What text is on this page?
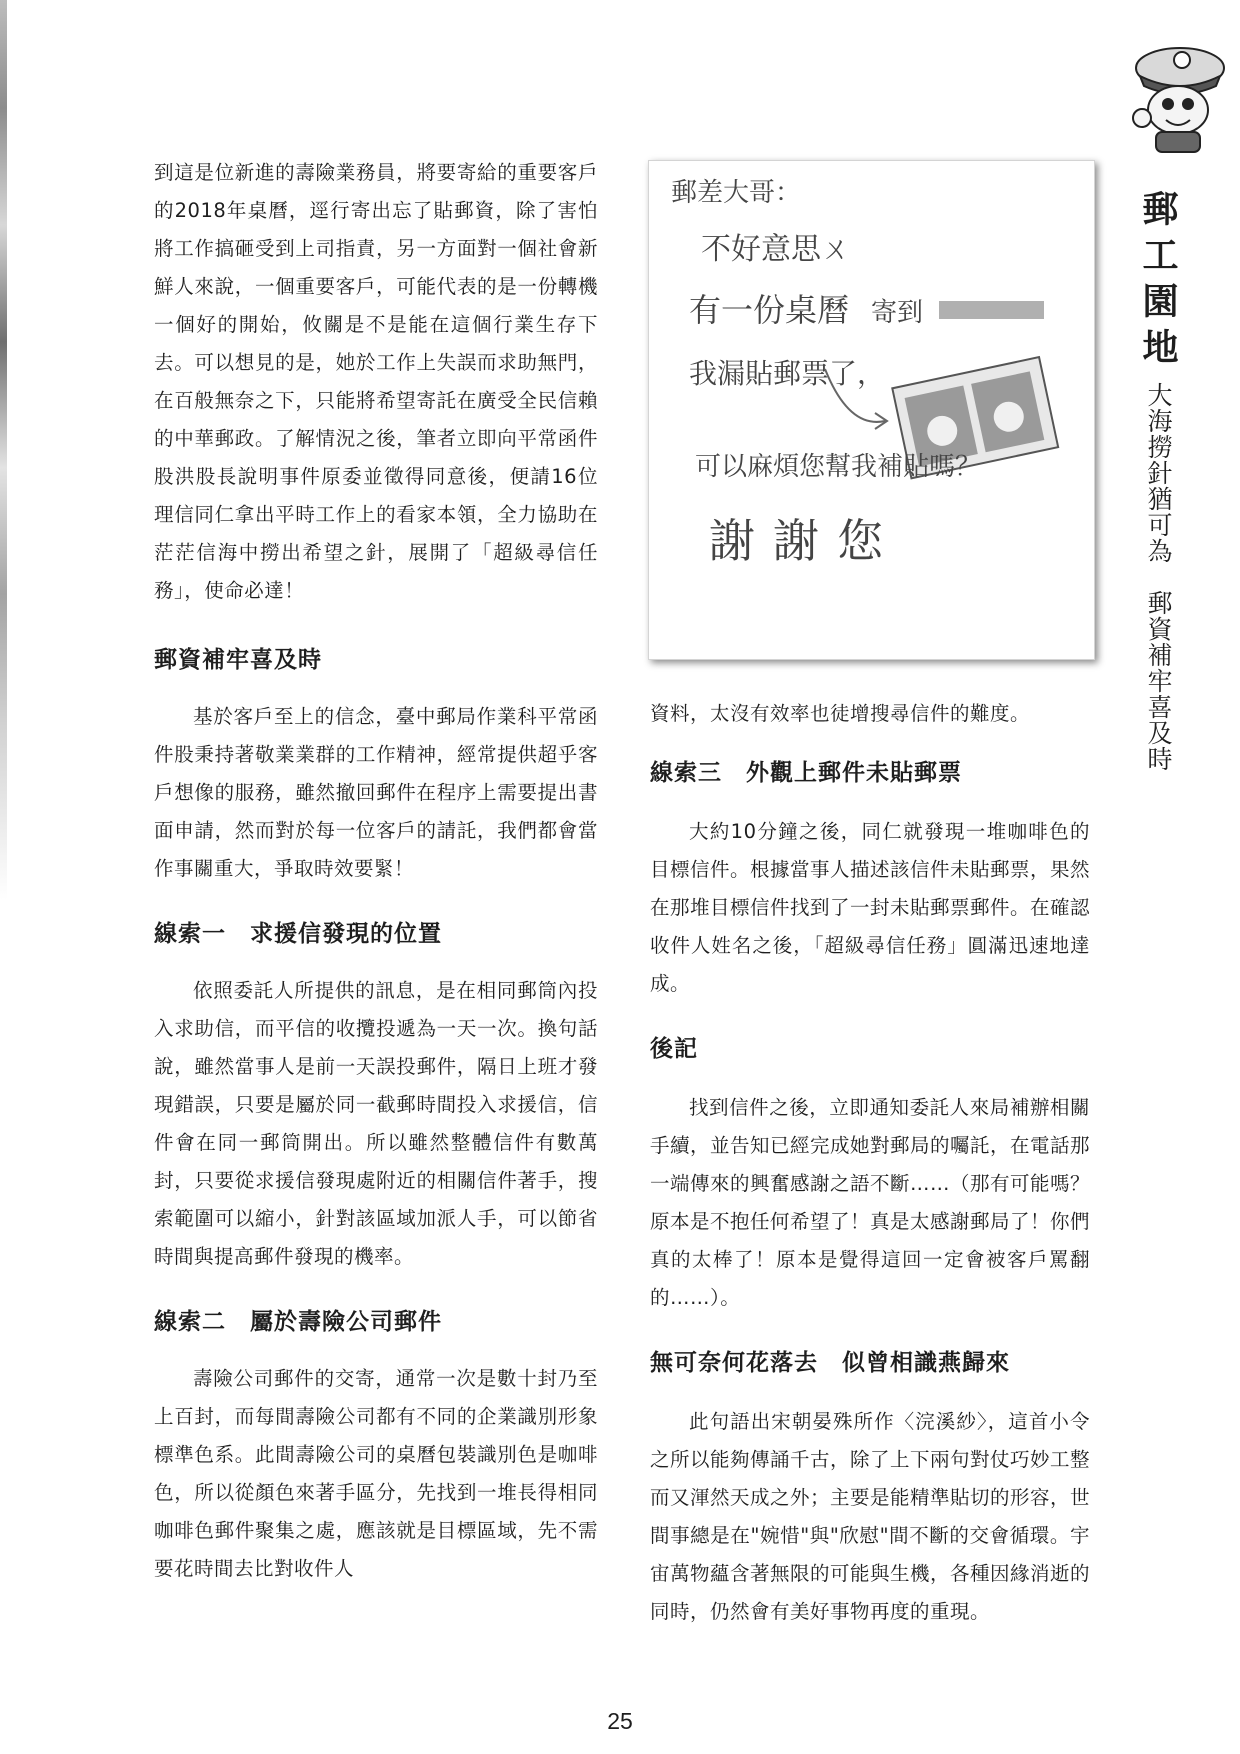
郵工園地
大海撈針猶可為　郵資補牢喜及時

到這是位新進的壽險業務員，將要寄給的重要客戶的2018年桌曆，逕行寄出忘了貼郵資，除了害怕將工作搞砸受到上司指責，另一方面對一個社會新鮮人來說，一個重要客戶，可能代表的是一份轉機一個好的開始，攸關是不是能在這個行業生存下去。可以想見的是，她於工作上失誤而求助無門，在百般無奈之下，只能將希望寄託在廣受全民信賴的中華郵政。了解情況之後，筆者立即向平常函件股洪股長說明事件原委並徵得同意後，便請16位理信同仁拿出平時工作上的看家本領，全力協助在茫茫信海中撈出希望之針，展開了「超級尋信任務」，使命必達！

郵資補牢喜及時

基於客戶至上的信念，臺中郵局作業科平常函件股秉持著敬業業群的工作精神，經常提供超乎客戶想像的服務，雖然撤回郵件在程序上需要提出書面申請，然而對於每一位客戶的請託，我們都會當作事關重大，爭取時效要緊！

線索一　求援信發現的位置

依照委託人所提供的訊息，是在相同郵筒內投入求助信，而平信的收攬投遞為一天一次。換句話說，雖然當事人是前一天誤投郵件，隔日上班才發現錯誤，只要是屬於同一截郵時間投入求援信，信件會在同一郵筒開出。所以雖然整體信件有數萬封，只要從求援信發現處附近的相關信件著手，搜索範圍可以縮小，針對該區域加派人手，可以節省時間與提高郵件發現的機率。

線索二　屬於壽險公司郵件

壽險公司郵件的交寄，通常一次是數十封乃至上百封，而每間壽險公司都有不同的企業識別形象標準色系。此間壽險公司的桌曆包裝識別色是咖啡色，所以從顏色來著手區分，先找到一堆長得相同咖啡色郵件聚集之處，應該就是目標區域，先不需要花時間去比對收件人

郵差大哥：
不好意思ㄨ
有一份桌曆 寄到
我漏貼郵票了，
可以麻煩您幫我補貼嗎？
謝謝您

資料，太沒有效率也徒增搜尋信件的難度。

線索三　外觀上郵件未貼郵票

大約10分鐘之後，同仁就發現一堆咖啡色的目標信件。根據當事人描述該信件未貼郵票，果然在那堆目標信件找到了一封未貼郵票郵件。在確認收件人姓名之後，「超級尋信任務」圓滿迅速地達成。

後記

找到信件之後，立即通知委託人來局補辦相關手續，並告知已經完成她對郵局的囑託，在電話那一端傳來的興奮感謝之語不斷……（那有可能嗎？原本是不抱任何希望了！真是太感謝郵局了！你們真的太棒了！原本是覺得這回一定會被客戶罵翻的……）。

無可奈何花落去　似曾相識燕歸來

此句語出宋朝晏殊所作〈浣溪紗〉，這首小令之所以能夠傳誦千古，除了上下兩句對仗巧妙工整而又渾然天成之外；主要是能精準貼切的形容，世間事總是在"婉惜"與"欣慰"間不斷的交會循環。宇宙萬物蘊含著無限的可能與生機，各種因緣消逝的同時，仍然會有美好事物再度的重現。

25
